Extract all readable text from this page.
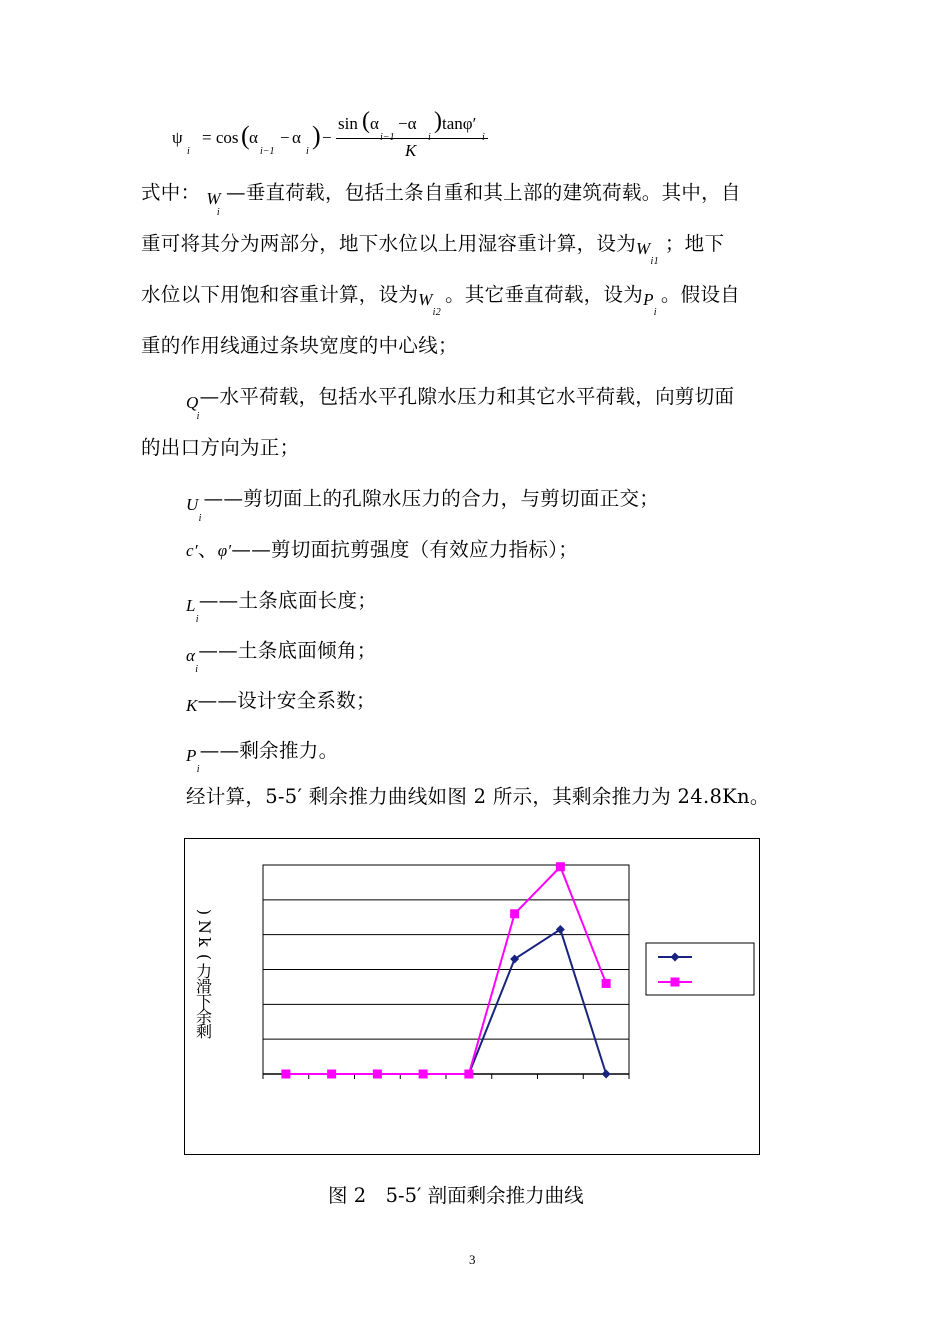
ψ
i
= cos ( α
i−1
− α
i
) −
sin ( α −α ) tanφ′
K
式中： $W_i—$垂直荷载，包括土条自重和其上部的建筑荷载。其中，自
重可将其分为两部分，地下水位以上用湿容重计算，设为$W_{i1}$；地下
水位以下用饱和容重计算，设为$W_{i2}$。其它垂直荷载，设为$P_i$。假设自
重的作用线通过条块宽度的中心线；
$Q_i—$水平荷载，包括水平孔隙水压力和其它水平荷载，向剪切面
的出口方向为正；
$U_i——$剪切面上的孔隙水压力的合力，与剪切面正交；
c′、φ′——剪切面抗剪强度（有效应力指标）；
$L_i——$土条底面长度；
$\alpha_i——$土条底面倾角；
K——设计安全系数；
$P_i——$剩余推力。
经计算，5-5′ 剩余推力曲线如图 2 所示，其剩余推力为 24.8Kn。
)
N
k
(
力
滑
下
余
剩
图 2　5-5′ 剖面剩余推力曲线
3
